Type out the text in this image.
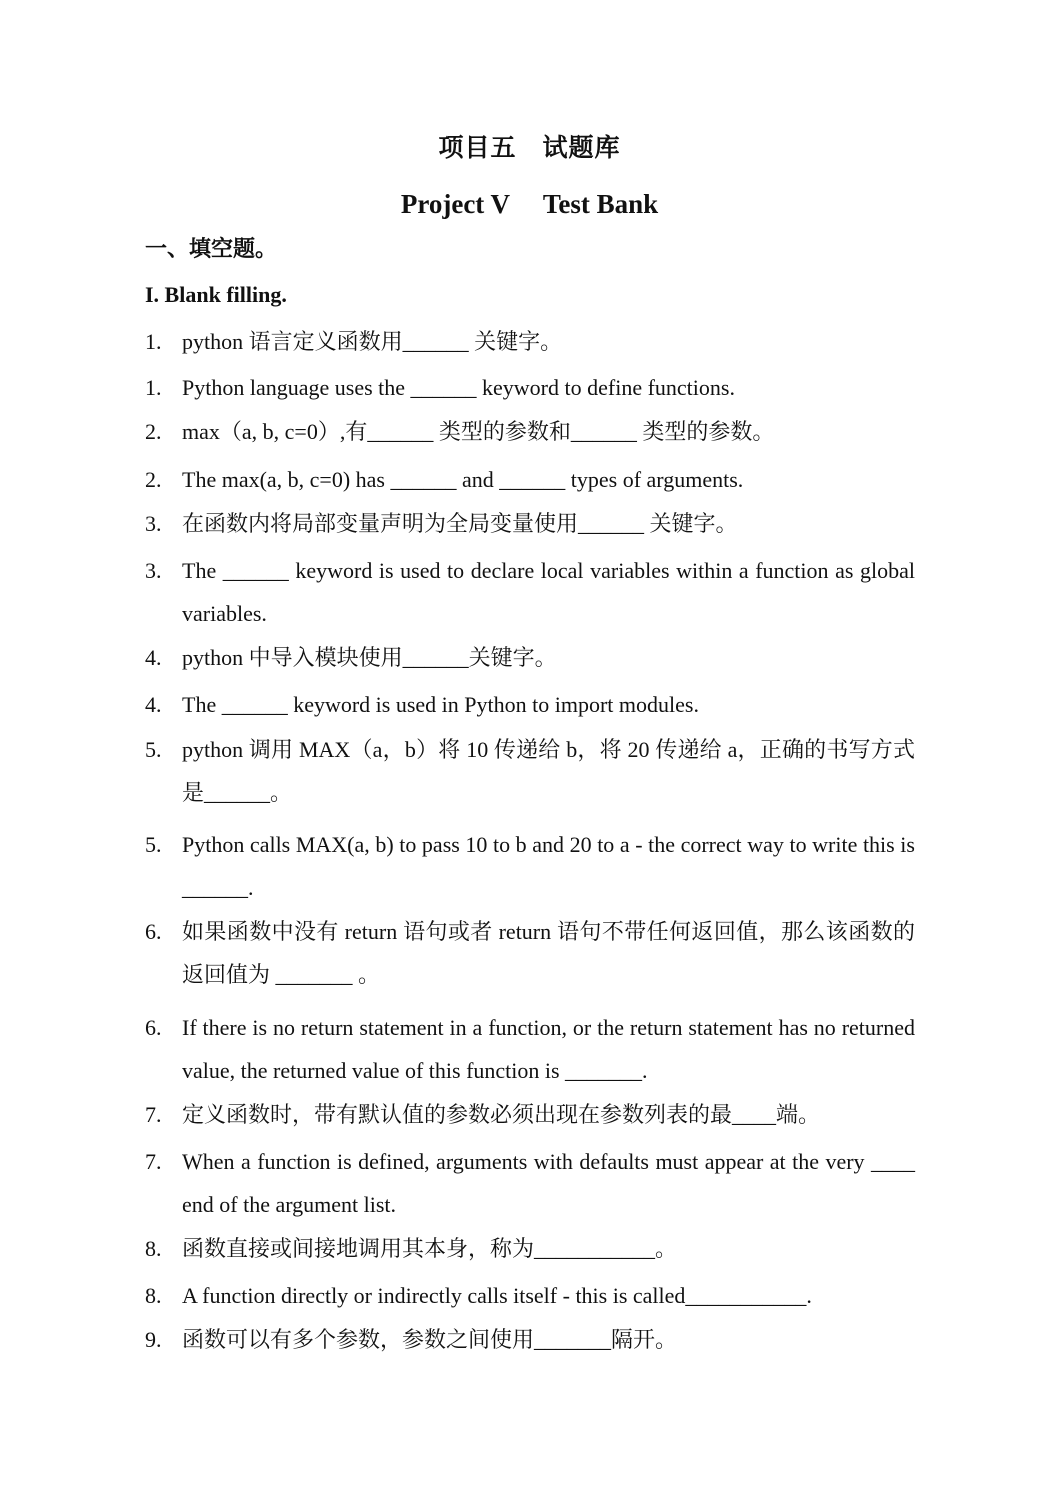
项目五　试题库
Project V　 Test Bank
一、填空题。
I. Blank filling.
1. python 语言定义函数用______ 关键字。
1. Python language uses the ______ keyword to define functions.
2. max（a, b, c=0）,有______ 类型的参数和______ 类型的参数。
2. The max(a, b, c=0) has ______ and ______ types of arguments.
3. 在函数内将局部变量声明为全局变量使用______ 关键字。
3. The ______ keyword is used to declare local variables within a function as global variables.
4. python 中导入模块使用______关键字。
4. The ______ keyword is used in Python to import modules.
5. python 调用 MAX（a，b）将 10 传递给 b，将 20 传递给 a，正确的书写方式是______。
5. Python calls MAX(a, b) to pass 10 to b and 20 to a - the correct way to write this is ______.
6. 如果函数中没有 return 语句或者 return 语句不带任何返回值，那么该函数的返回值为 _______ 。
6. If there is no return statement in a function, or the return statement has no returned value, the returned value of this function is _______.
7. 定义函数时，带有默认值的参数必须出现在参数列表的最____端。
7. When a function is defined, arguments with defaults must appear at the very ____ end of the argument list.
8. 函数直接或间接地调用其本身，称为___________。
8. A function directly or indirectly calls itself - this is called___________.
9. 函数可以有多个参数，参数之间使用_______隔开。
